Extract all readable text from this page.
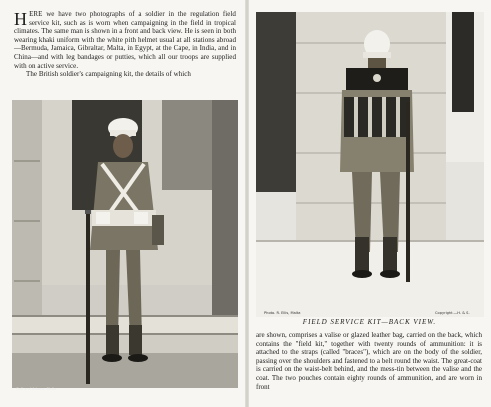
H ERE we have two photographs of a soldier in the regulation field service kit, such as is worn when campaigning in the field in tropical climates. The same man is shown in a front and back view. He is seen in both wearing khaki uniform with the white pith helmet usual at all stations abroad—Bermuda, Jamaica, Gibraltar, Malta, in Egypt, at the Cape, in India, and in China—and with leg bandages or putties, which all our troops are supplied with on active service.
The British soldier's campaigning kit, the details of which
Gell and Adams, Malta
Photo. R. Ellis, Malta	Copyright.—H. & S.
FIELD SERVICE KIT—BACK VIEW.
are shown, comprises a valise or glazed leather bag, carried on the back, which contains the "field kit," together with twenty rounds of ammunition: it is attached to the straps (called "braces"), which are on the body of the soldier, passing over the shoulders and fastened to a belt round the waist. The great-coat is carried on the waist-belt behind, and the mess-tin between the valise and the coat. The two pouches contain eighty rounds of ammunition, and are worn in front
